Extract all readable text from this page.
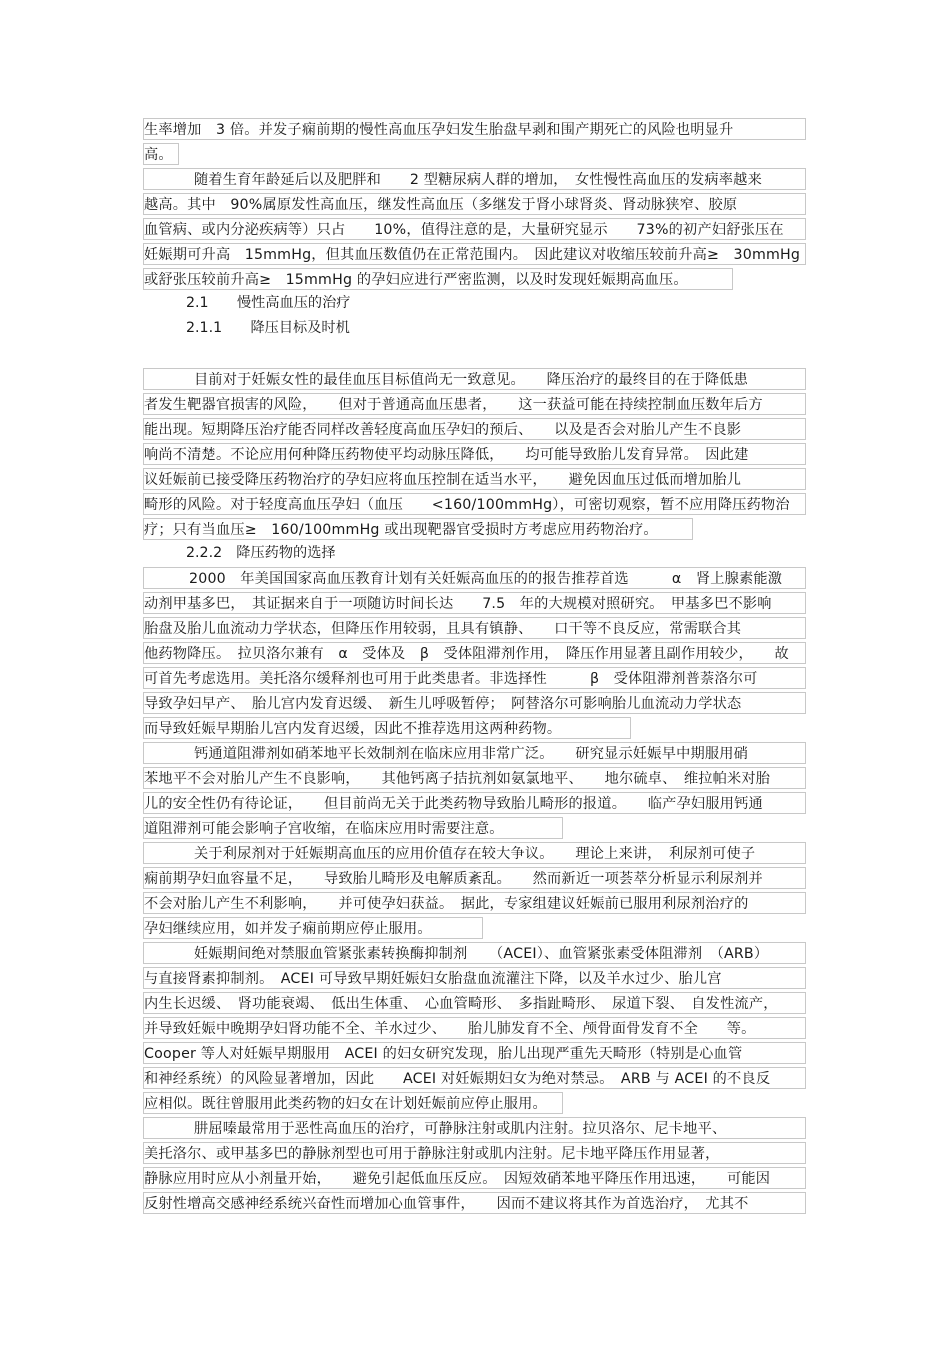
生率增加　3 倍。并发子痫前期的慢性高血压孕妇发生胎盘早剥和围产期死亡的风险也明显升
高。
随着生育年龄延后以及肥胖和　　2 型糖尿病人群的增加，　女性慢性高血压的发病率越来
越高。其中　90%属原发性高血压，继发性高血压（多继发于肾小球肾炎、肾动脉狭窄、胶原
血管病、或内分泌疾病等）只占　　10%，值得注意的是，大量研究显示　　73%的初产妇舒张压在
妊娠期可升高　15mmHg，但其血压数值仍在正常范围内。　因此建议对收缩压较前升高≥　30mmHg
或舒张压较前升高≥　15mmHg 的孕妇应进行严密监测，以及时发现妊娠期高血压。
2.1　　慢性高血压的治疗
2.1.1　　降压目标及时机
目前对于妊娠女性的最佳血压目标值尚无一致意见。　　降压治疗的最终目的在于降低患
者发生靶器官损害的风险，　　但对于普通高血压患者，　　这一获益可能在持续控制血压数年后方
能出现。短期降压治疗能否同样改善轻度高血压孕妇的预后、　　以及是否会对胎儿产生不良影
响尚不清楚。不论应用何种降压药物使平均动脉压降低，　　均可能导致胎儿发育异常。　因此建
议妊娠前已接受降压药物治疗的孕妇应将血压控制在适当水平，　　避免因血压过低而增加胎儿
畸形的风险。对于轻度高血压孕妇（血压　　<160/100mmHg），可密切观察，暂不应用降压药物治
疗；只有当血压≥　160/100mmHg 或出现靶器官受损时方考虑应用药物治疗。
2.2.2　降压药物的选择
2000　年美国国家高血压教育计划有关妊娠高血压的的报告推荐首选　　　α　肾上腺素能激
动剂甲基多巴，　其证据来自于一项随访时间长达　　7.5　年的大规模对照研究。　甲基多巴不影响
胎盘及胎儿血流动力学状态，但降压作用较弱，且具有镇静、　　口干等不良反应，常需联合其
他药物降压。　拉贝洛尔兼有　α　受体及　β　受体阻滞剂作用，　降压作用显著且副作用较少，　　故
可首先考虑选用。美托洛尔缓释剂也可用于此类患者。非选择性　　　β　受体阻滞剂普萘洛尔可
导致孕妇早产、　胎儿宫内发育迟缓、　新生儿呼吸暂停；　阿替洛尔可影响胎儿血流动力学状态
而导致妊娠早期胎儿宫内发育迟缓，因此不推荐选用这两种药物。
钙通道阻滞剂如硝苯地平长效制剂在临床应用非常广泛。　　研究显示妊娠早中期服用硝
苯地平不会对胎儿产生不良影响，　　其他钙离子拮抗剂如氨氯地平、　　地尔硫卓、　维拉帕米对胎
儿的安全性仍有待论证，　　但目前尚无关于此类药物导致胎儿畸形的报道。　　临产孕妇服用钙通
道阻滞剂可能会影响子宫收缩，在临床应用时需要注意。
关于利尿剂对于妊娠期高血压的应用价值存在较大争议。　　理论上来讲，　利尿剂可使子
痫前期孕妇血容量不足，　　导致胎儿畸形及电解质紊乱。　　然而新近一项荟萃分析显示利尿剂并
不会对胎儿产生不利影响，　　并可使孕妇获益。　据此，专家组建议妊娠前已服用利尿剂治疗的
孕妇继续应用，如并发子痫前期应停止服用。
妊娠期间绝对禁服血管紧张素转换酶抑制剂　　（ACEI）、血管紧张素受体阻滞剂　（ARB）
与直接肾素抑制剂。　ACEI 可导致早期妊娠妇女胎盘血流灌注下降，以及羊水过少、胎儿宫
内生长迟缓、　肾功能衰竭、　低出生体重、　心血管畸形、　多指趾畸形、　尿道下裂、　自发性流产，
并导致妊娠中晚期孕妇肾功能不全、羊水过少、　　胎儿肺发育不全、颅骨面骨发育不全　　等。
Cooper 等人对妊娠早期服用　ACEI 的妇女研究发现，胎儿出现严重先天畸形（特别是心血管
和神经系统）的风险显著增加，因此　　ACEI 对妊娠期妇女为绝对禁忌。　ARB 与 ACEI 的不良反
应相似。既往曾服用此类药物的妇女在计划妊娠前应停止服用。
肼屈嗪最常用于恶性高血压的治疗，可静脉注射或肌内注射。拉贝洛尔、尼卡地平、
美托洛尔、或甲基多巴的静脉剂型也可用于静脉注射或肌内注射。尼卡地平降压作用显著，
静脉应用时应从小剂量开始，　　避免引起低血压反应。　因短效硝苯地平降压作用迅速，　　可能因
反射性增高交感神经系统兴奋性而增加心血管事件，　　因而不建议将其作为首选治疗，　尤其不
